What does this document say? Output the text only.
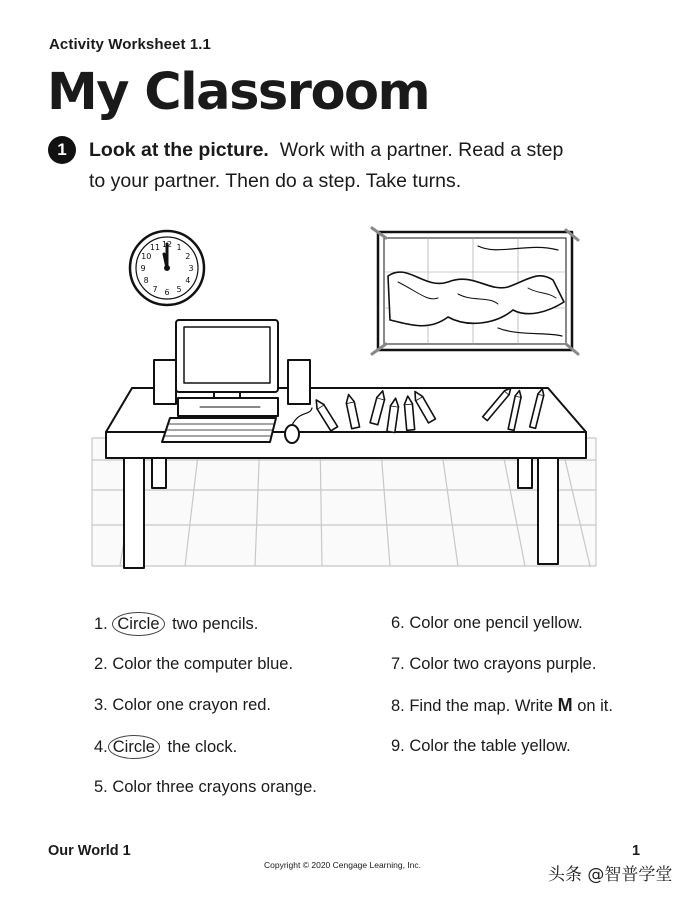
Activity Worksheet 1.1
My Classroom
1	Look at the picture. Work with a partner. Read a step
to your partner. Then do a step. Take turns.
12 1
2
3
4
5
6
7
8
9
10
11
1. Circle two pencils.
2. Color the computer blue.
3. Color one crayon red.
4. Circle the clock.
5. Color three crayons orange.
6. Color one pencil yellow.
7. Color two crayons purple.
8. Find the map. Write M on it.
9. Color the table yellow.
Our World 1	1
Copyright © 2020 Cengage Learning, Inc.	头条 @智普学堂
